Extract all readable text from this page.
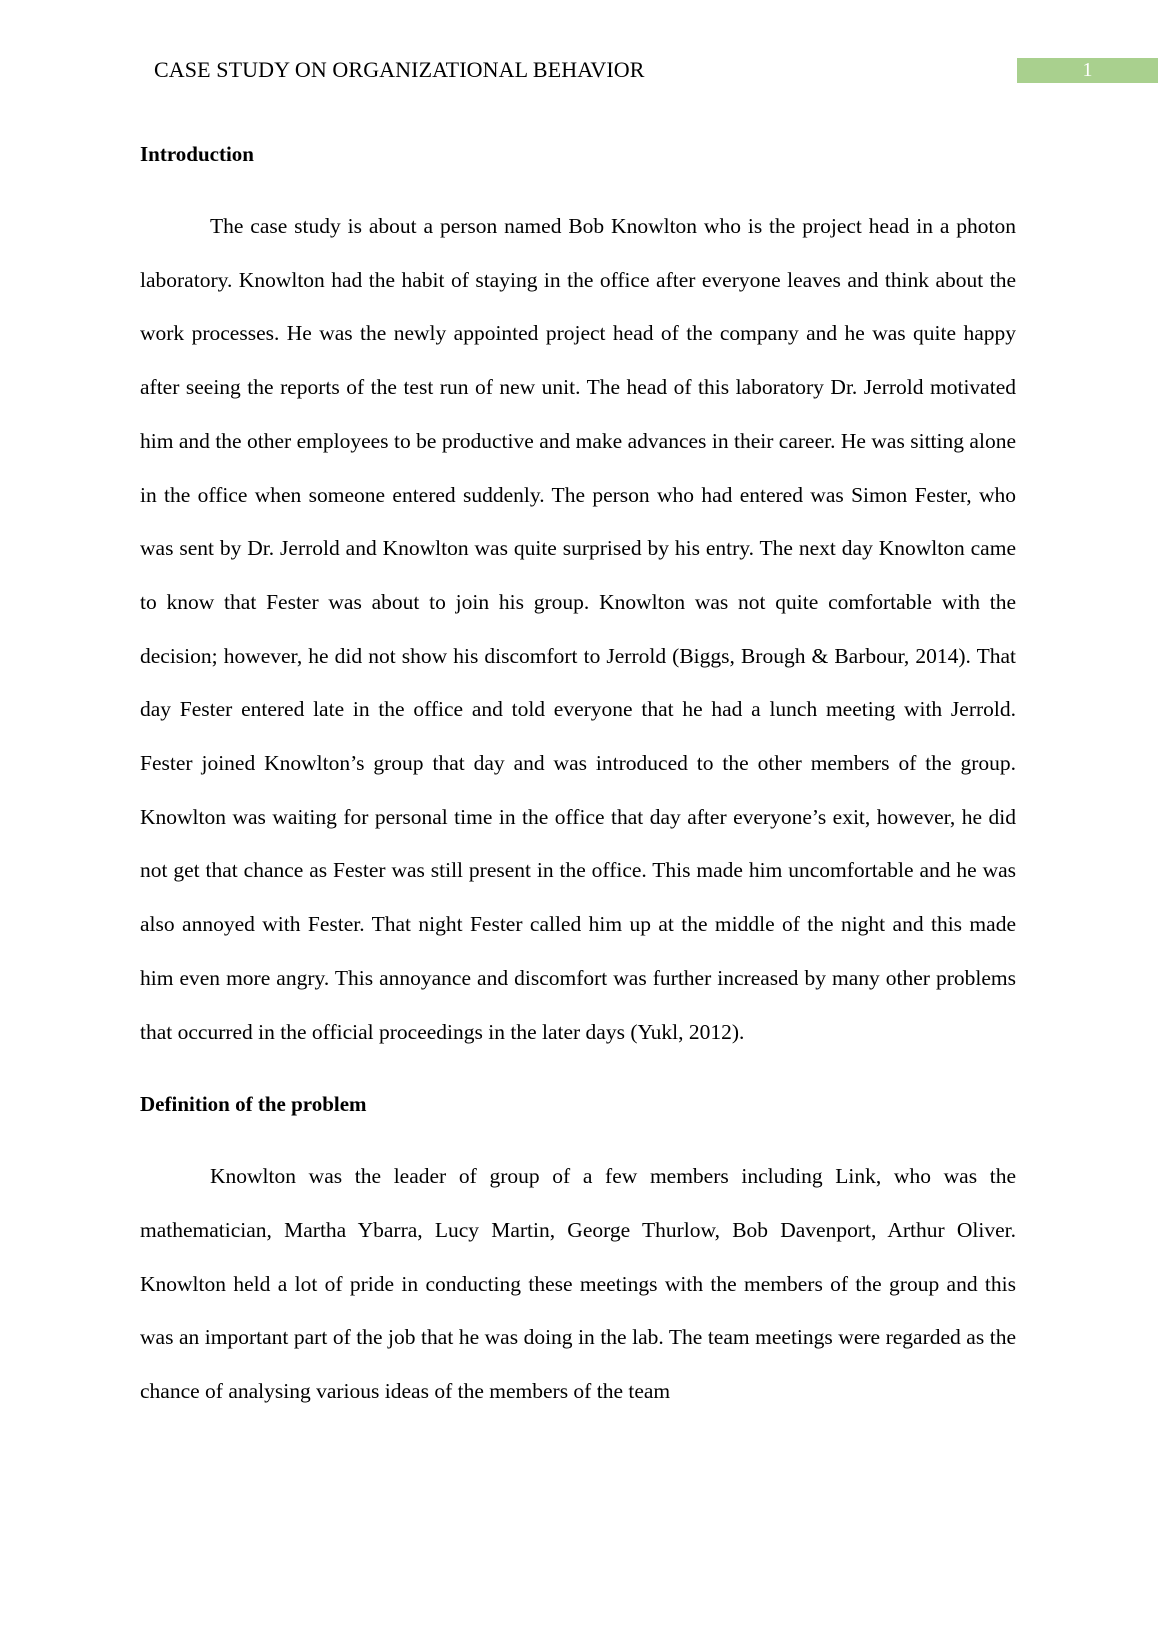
CASE STUDY ON ORGANIZATIONAL BEHAVIOR	1
Introduction

The case study is about a person named Bob Knowlton who is the project head in a photon laboratory. Knowlton had the habit of staying in the office after everyone leaves and think about the work processes. He was the newly appointed project head of the company and he was quite happy after seeing the reports of the test run of new unit. The head of this laboratory Dr. Jerrold motivated him and the other employees to be productive and make advances in their career. He was sitting alone in the office when someone entered suddenly. The person who had entered was Simon Fester, who was sent by Dr. Jerrold and Knowlton was quite surprised by his entry. The next day Knowlton came to know that Fester was about to join his group. Knowlton was not quite comfortable with the decision; however, he did not show his discomfort to Jerrold (Biggs, Brough & Barbour, 2014). That day Fester entered late in the office and told everyone that he had a lunch meeting with Jerrold. Fester joined Knowlton’s group that day and was introduced to the other members of the group. Knowlton was waiting for personal time in the office that day after everyone’s exit, however, he did not get that chance as Fester was still present in the office. This made him uncomfortable and he was also annoyed with Fester. That night Fester called him up at the middle of the night and this made him even more angry. This annoyance and discomfort was further increased by many other problems that occurred in the official proceedings in the later days (Yukl, 2012).

Definition of the problem

Knowlton was the leader of group of a few members including Link, who was the mathematician, Martha Ybarra, Lucy Martin, George Thurlow, Bob Davenport, Arthur Oliver. Knowlton held a lot of pride in conducting these meetings with the members of the group and this was an important part of the job that he was doing in the lab. The team meetings were regarded as the chance of analysing various ideas of the members of the team
